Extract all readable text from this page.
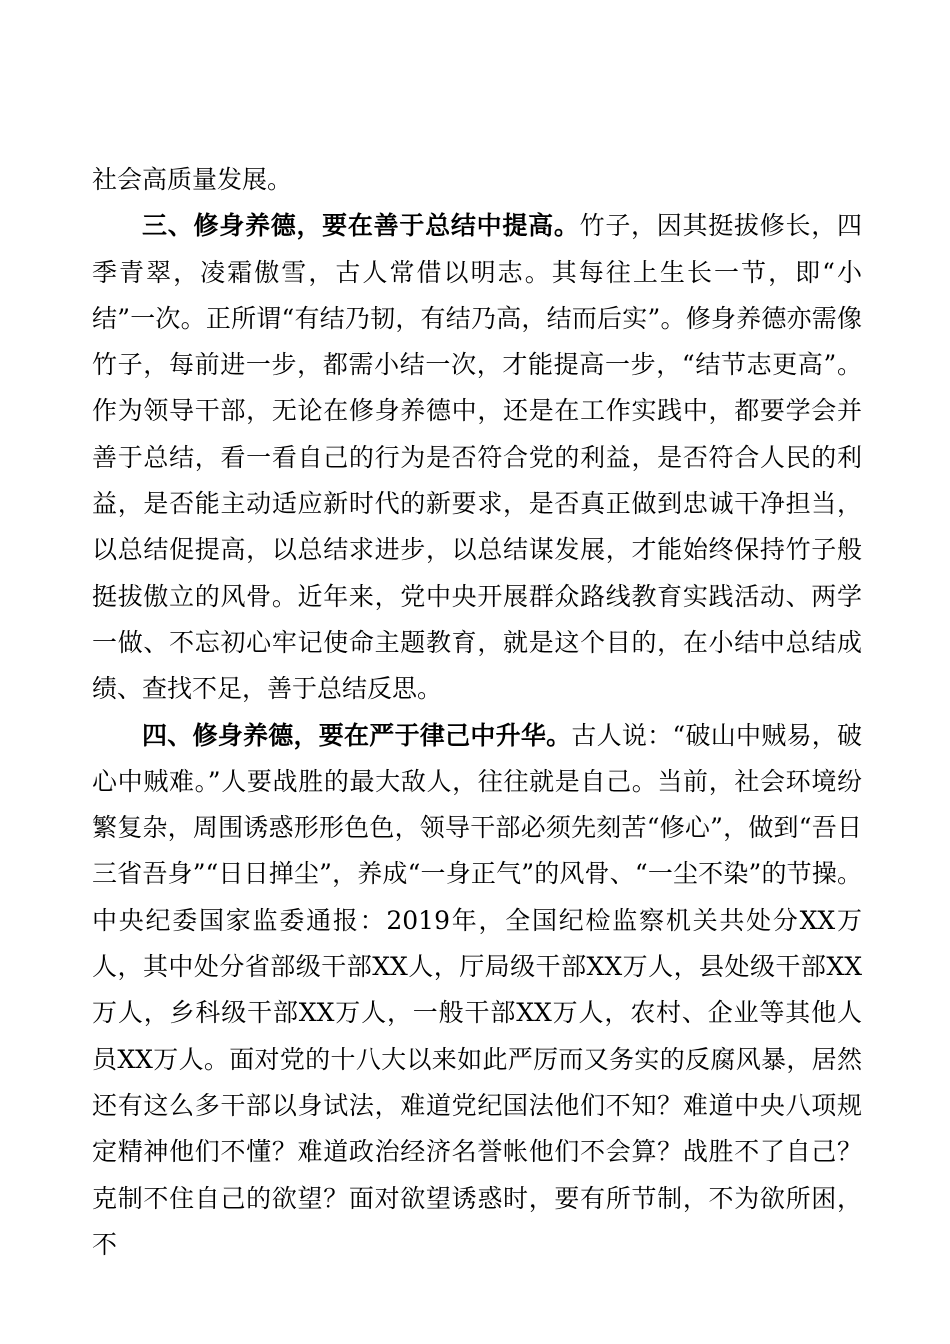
社会高质量发展。

三、修身养德，要在善于总结中提高。竹子，因其挺拔修长，四季青翠，凌霜傲雪，古人常借以明志。其每往上生长一节，即“小结”一次。正所谓“有结乃韧，有结乃高，结而后实”。修身养德亦需像竹子，每前进一步，都需小结一次，才能提高一步，“结节志更高”。作为领导干部，无论在修身养德中，还是在工作实践中，都要学会并善于总结，看一看自己的行为是否符合党的利益，是否符合人民的利益，是否能主动适应新时代的新要求，是否真正做到忠诚干净担当，以总结促提高，以总结求进步，以总结谋发展，才能始终保持竹子般挺拔傲立的风骨。近年来，党中央开展群众路线教育实践活动、两学一做、不忘初心牢记使命主题教育，就是这个目的，在小结中总结成绩、查找不足，善于总结反思。

四、修身养德，要在严于律己中升华。古人说：“破山中贼易，破心中贼难。”人要战胜的最大敌人，往往就是自己。当前，社会环境纷繁复杂，周围诱惑形形色色，领导干部必须先刻苦“修心”，做到“吾日三省吾身”“日日掸尘”，养成“一身正气”的风骨、“一尘不染”的节操。中央纪委国家监委通报：2019年，全国纪检监察机关共处分XX万人，其中处分省部级干部XX人，厅局级干部XX万人，县处级干部XX万人，乡科级干部XX万人，一般干部XX万人，农村、企业等其他人员XX万人。面对党的十八大以来如此严厉而又务实的反腐风暴，居然还有这么多干部以身试法，难道党纪国法他们不知？难道中央八项规定精神他们不懂？难道政治经济名誉帐他们不会算？战胜不了自己？克制不住自己的欲望？面对欲望诱惑时，要有所节制，不为欲所困，不
